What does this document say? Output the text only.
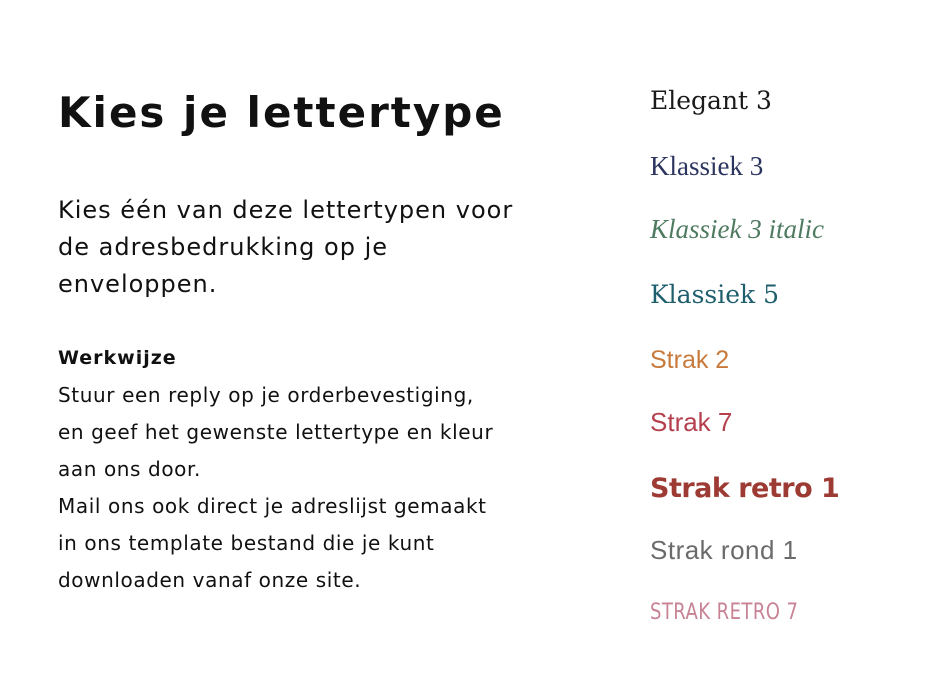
Kies je lettertype

Kies één van deze lettertypen voor de adresbedrukking op je enveloppen.

Werkwijze
Stuur een reply op je orderbevestiging,
en geef het gewenste lettertype en kleur
aan ons door.
Mail ons ook direct je adreslijst gemaakt
in ons template bestand die je kunt
downloaden vanaf onze site.
Elegant 3
Klassiek 3
Klassiek 3 italic
Klassiek 5
Strak 2
Strak 7
Strak retro 1
Strak rond 1
STRAK RETRO 7
